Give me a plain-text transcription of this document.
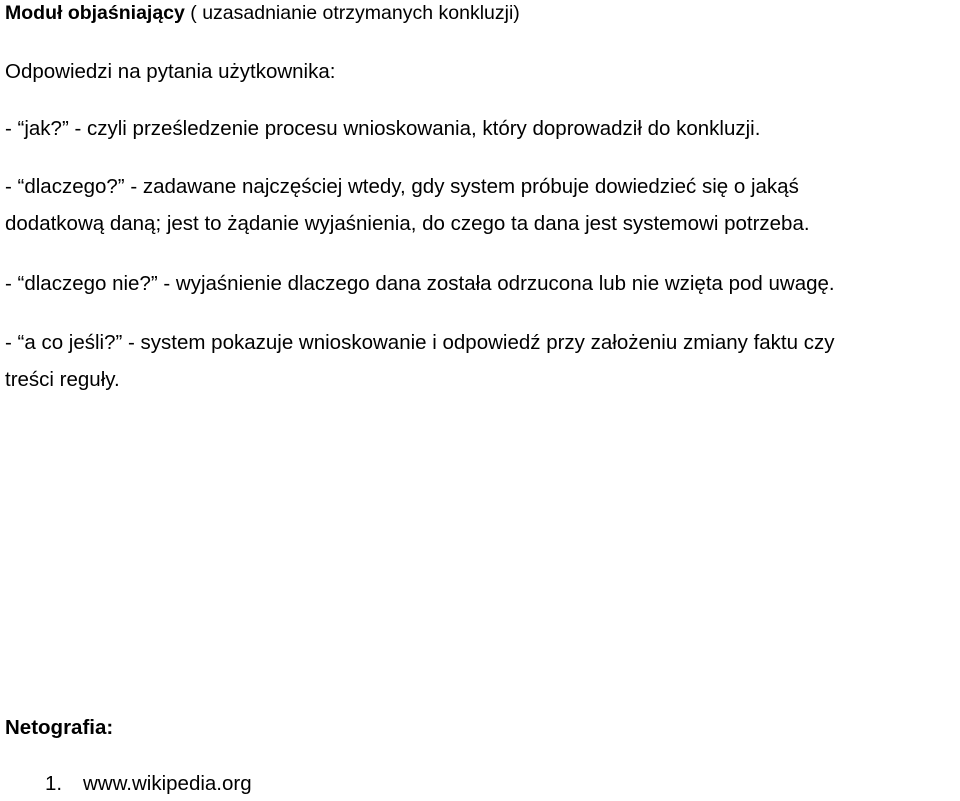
Moduł objaśniający ( uzasadnianie otrzymanych konkluzji)
Odpowiedzi na pytania użytkownika:
- “jak?” - czyli prześledzenie procesu wnioskowania, który doprowadził do konkluzji.
- “dlaczego?” - zadawane najczęściej wtedy, gdy system próbuje dowiedzieć się o jakąś
dodatkową daną; jest to żądanie wyjaśnienia, do czego ta dana jest systemowi potrzeba.
- “dlaczego nie?” - wyjaśnienie dlaczego dana została odrzucona lub nie wzięta pod uwagę.
- “a co jeśli?” - system pokazuje wnioskowanie i odpowiedź przy założeniu zmiany faktu czy
treści reguły.
Netografia:
1. www.wikipedia.org
